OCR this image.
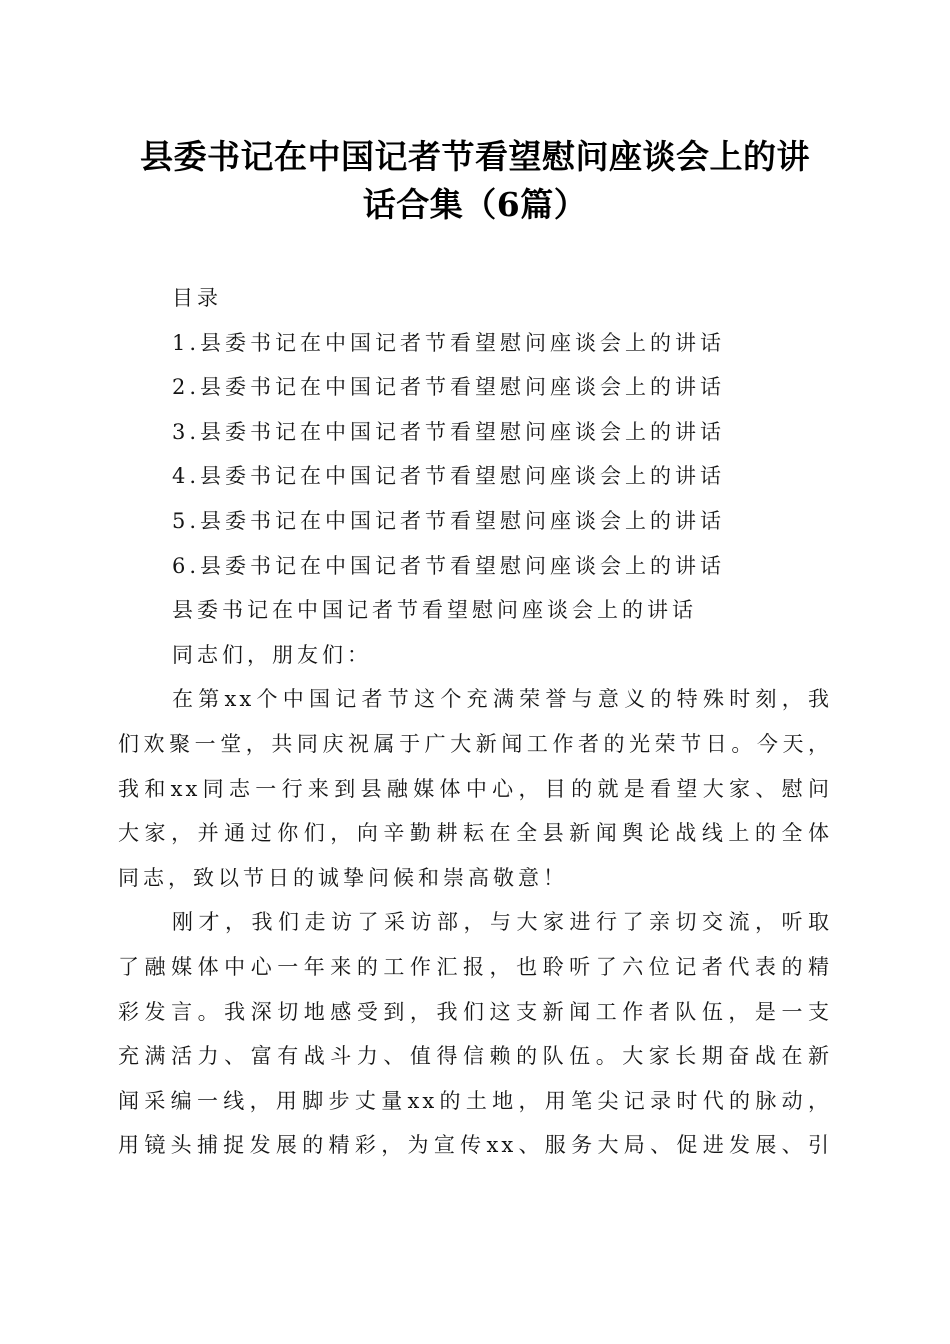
县委书记在中国记者节看望慰问座谈会上的讲
话合集（6篇）
目录
1.县委书记在中国记者节看望慰问座谈会上的讲话
2.县委书记在中国记者节看望慰问座谈会上的讲话
3.县委书记在中国记者节看望慰问座谈会上的讲话
4.县委书记在中国记者节看望慰问座谈会上的讲话
5.县委书记在中国记者节看望慰问座谈会上的讲话
6.县委书记在中国记者节看望慰问座谈会上的讲话
县委书记在中国记者节看望慰问座谈会上的讲话
同志们，朋友们：
在第xx个中国记者节这个充满荣誉与意义的特殊时刻，我
们欢聚一堂，共同庆祝属于广大新闻工作者的光荣节日。今天，
我和xx同志一行来到县融媒体中心，目的就是看望大家、慰问
大家，并通过你们，向辛勤耕耘在全县新闻舆论战线上的全体
同志，致以节日的诚挚问候和崇高敬意！
刚才，我们走访了采访部，与大家进行了亲切交流，听取
了融媒体中心一年来的工作汇报，也聆听了六位记者代表的精
彩发言。我深切地感受到，我们这支新闻工作者队伍，是一支
充满活力、富有战斗力、值得信赖的队伍。大家长期奋战在新
闻采编一线，用脚步丈量xx的土地，用笔尖记录时代的脉动，
用镜头捕捉发展的精彩，为宣传xx、服务大局、促进发展、引
